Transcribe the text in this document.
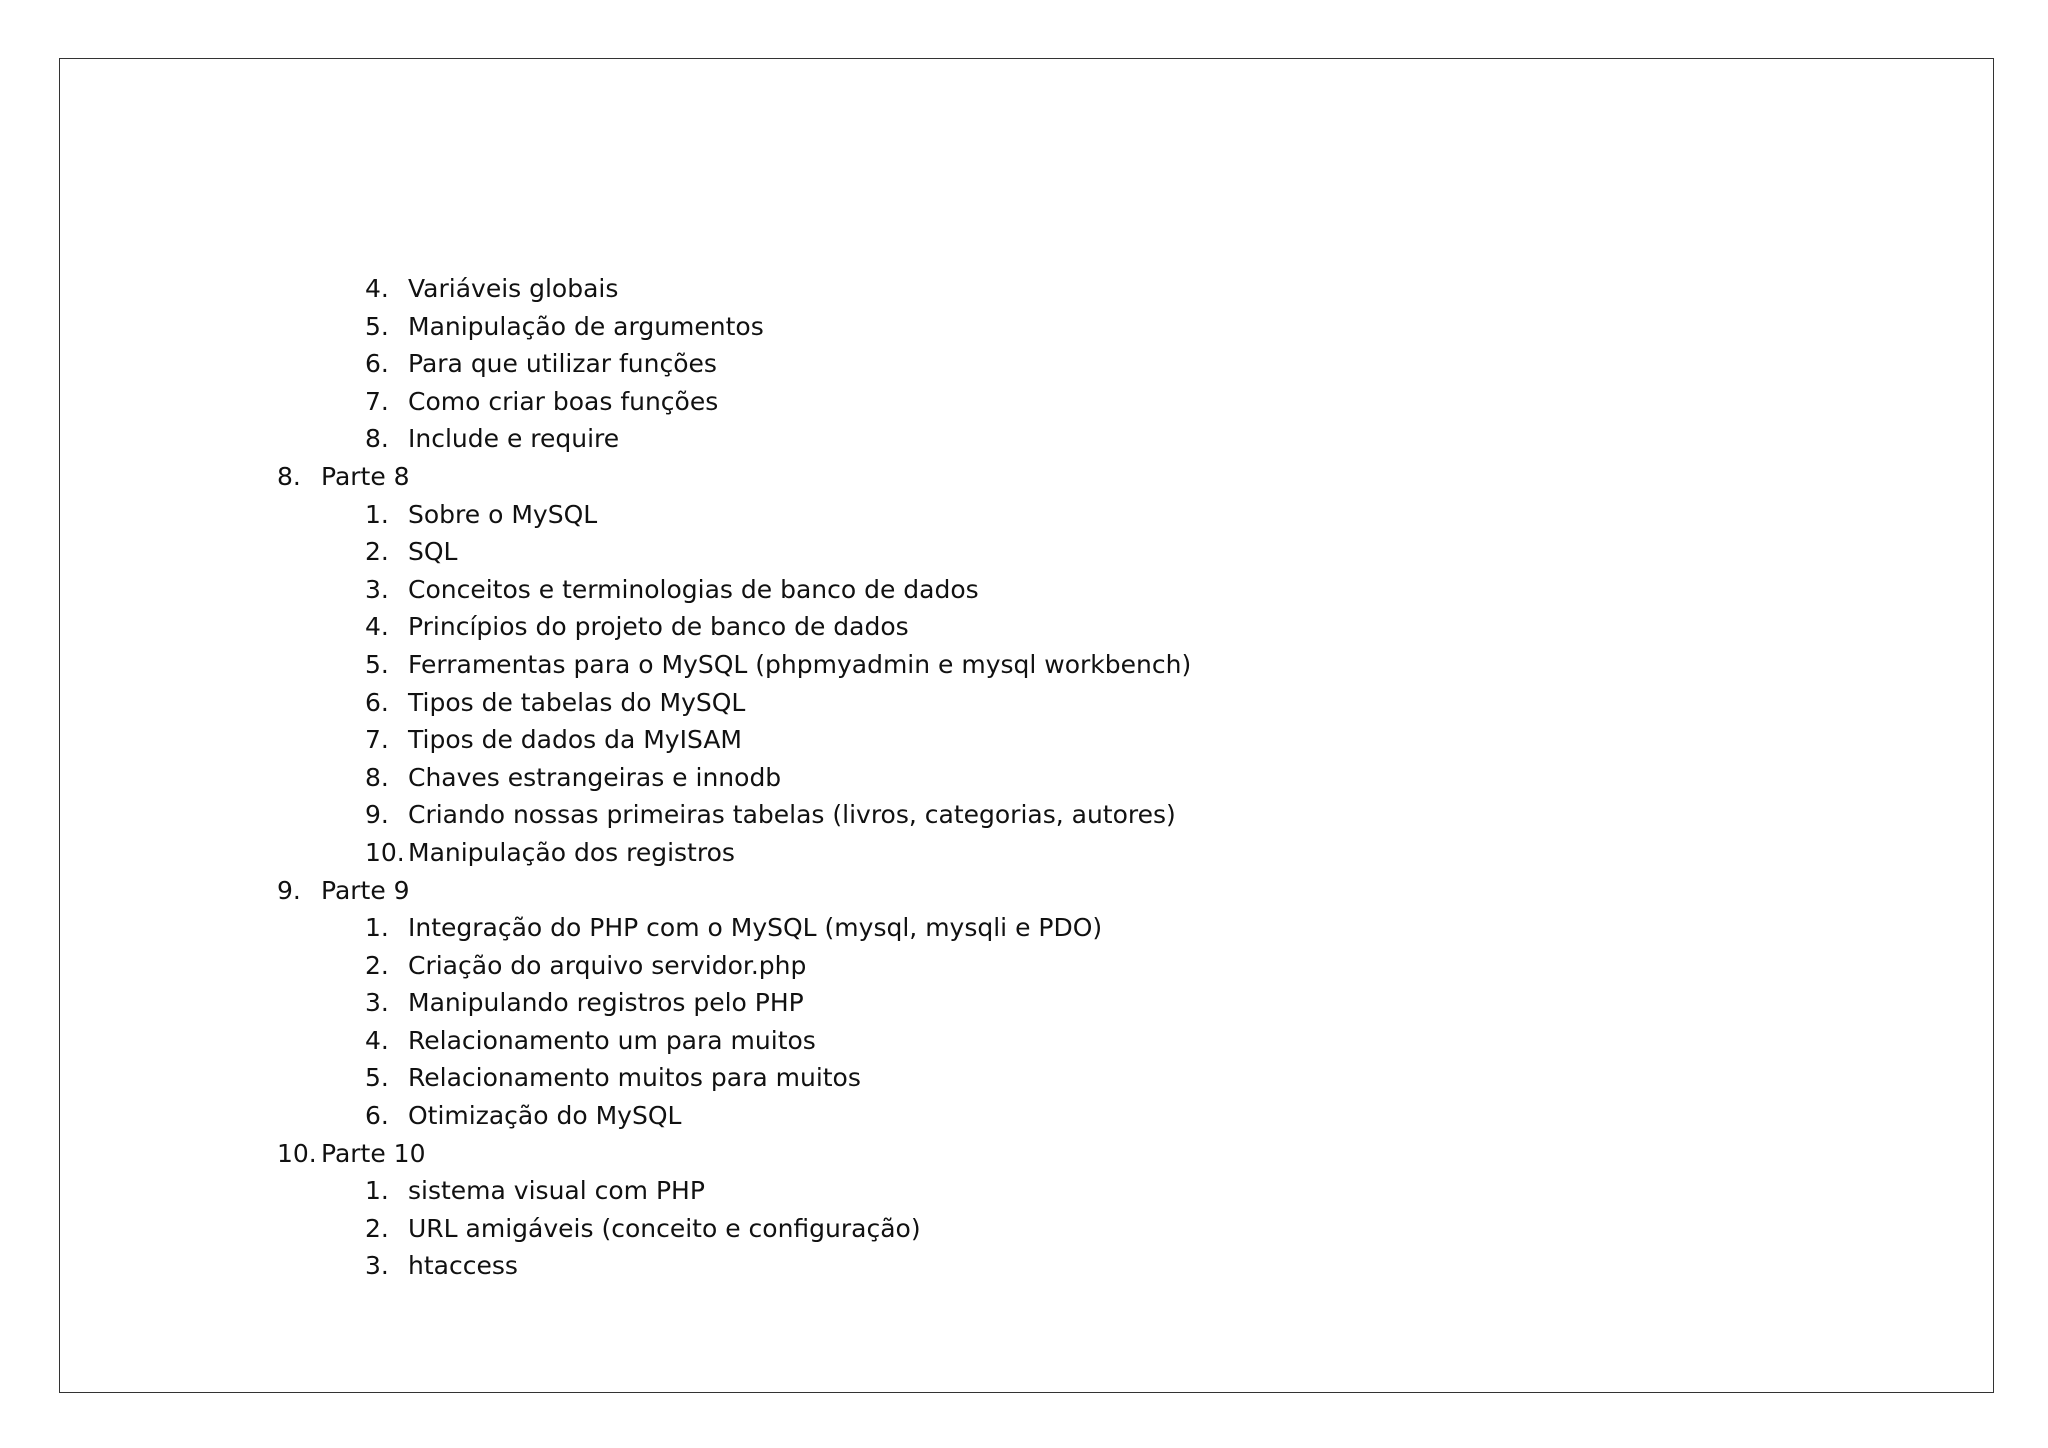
4. Variáveis globais
5. Manipulação de argumentos
6. Para que utilizar funções
7. Como criar boas funções
8. Include e require
8. Parte 8
1. Sobre o MySQL
2. SQL
3. Conceitos e terminologias de banco de dados
4. Princípios do projeto de banco de dados
5. Ferramentas para o MySQL (phpmyadmin e mysql workbench)
6. Tipos de tabelas do MySQL
7. Tipos de dados da MyISAM
8. Chaves estrangeiras e innodb
9. Criando nossas primeiras tabelas (livros, categorias, autores)
10. Manipulação dos registros
9. Parte 9
1. Integração do PHP com o MySQL (mysql, mysqli e PDO)
2. Criação do arquivo servidor.php
3. Manipulando registros pelo PHP
4. Relacionamento um para muitos
5. Relacionamento muitos para muitos
6. Otimização do MySQL
10. Parte 10
1. sistema visual com PHP
2. URL amigáveis (conceito e configuração)
3. htaccess
